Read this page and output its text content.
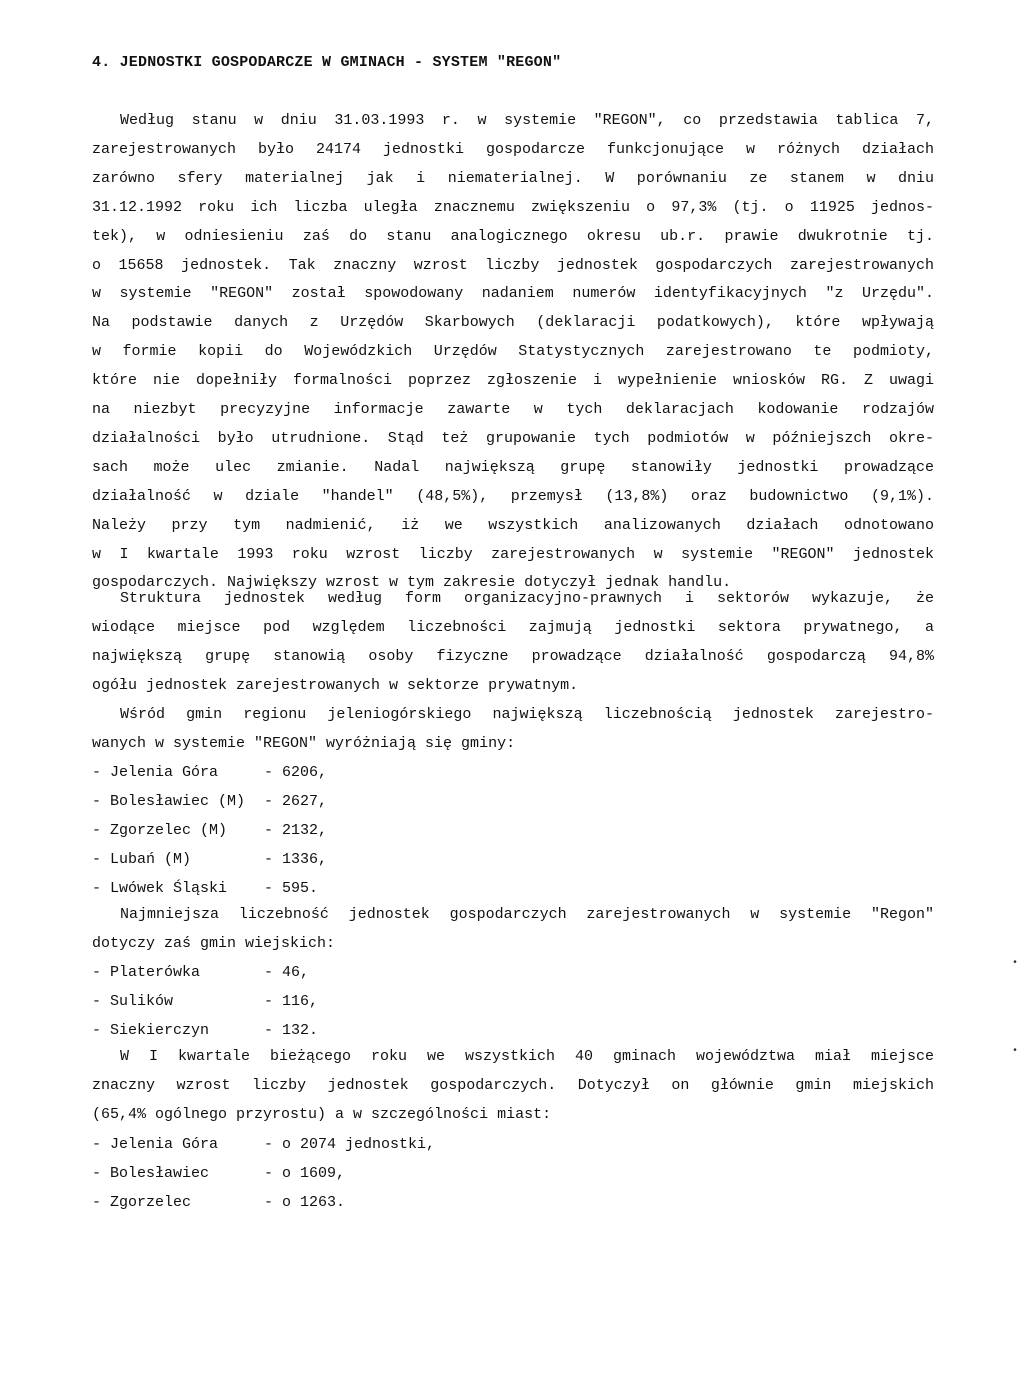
4. JEDNOSTKI GOSPODARCZE W GMINACH - SYSTEM "REGON"
Według stanu w dniu 31.03.1993 r. w systemie "REGON", co przedstawia tablica 7,
zarejestrowanych było 24174 jednostki gospodarcze funkcjonujące w różnych działach
zarówno sfery materialnej jak i niematerialnej. W porównaniu ze stanem w dniu
31.12.1992 roku ich liczba uległa znacznemu zwiększeniu o 97,3% (tj. o 11925 jednos-
tek), w odniesieniu zaś do stanu analogicznego okresu ub.r. prawie dwukrotnie tj.
o 15658 jednostek. Tak znaczny wzrost liczby jednostek gospodarczych zarejestrowanych
w systemie "REGON" został spowodowany nadaniem numerów identyfikacyjnych "z Urzędu".
Na podstawie danych z Urzędów Skarbowych (deklaracji podatkowych), które wpływają
w formie kopii do Wojewódzkich Urzędów Statystycznych zarejestrowano te podmioty,
które nie dopełniły formalności poprzez zgłoszenie i wypełnienie wniosków RG. Z uwagi
na niezbyt precyzyjne informacje zawarte w tych deklaracjach kodowanie rodzajów
działalności było utrudnione. Stąd też grupowanie tych podmiotów w późniejszch okre-
sach może ulec zmianie. Nadal największą grupę stanowiły jednostki prowadzące
działalność w dziale "handel" (48,5%), przemysł (13,8%) oraz budownictwo (9,1%).
Należy przy tym nadmienić, iż we wszystkich analizowanych działach odnotowano
w I kwartale 1993 roku wzrost liczby zarejestrowanych w systemie "REGON" jednostek
gospodarczych. Największy wzrost w tym zakresie dotyczył jednak handlu.
Struktura jednostek według form organizacyjno-prawnych i sektorów wykazuje, że
wiodące miejsce pod względem liczebności zajmują jednostki sektora prywatnego, a
największą grupę stanowią osoby fizyczne prowadzące działalność gospodarczą 94,8%
ogółu jednostek zarejestrowanych w sektorze prywatnym.
Wśród gmin regionu jeleniogórskiego największą liczebnością jednostek zarejestro-
wanych w systemie "REGON" wyróżniają się gminy:
- Jelenia Góra	- 6206,
- Bolesławiec (M) - 2627,
- Zgorzelec (M) - 2132,
- Lubań (M)	- 1336,
- Lwówek Śląski - 595.
Najmniejsza liczebność jednostek gospodarczych zarejestrowanych w systemie "Regon"
dotyczy zaś gmin wiejskich:
- Platerówka	- 46,
- Sulików	- 116,
- Siekierczyn	- 132.
W I kwartale bieżącego roku we wszystkich 40 gminach województwa miał miejsce
znaczny wzrost liczby jednostek gospodarczych. Dotyczył on głównie gmin miejskich
(65,4% ogólnego przyrostu) a w szczególności miast:
- Jelenia Góra	- o 2074 jednostki,
- Bolesławiec	- o 1609,
- Zgorzelec	- o 1263.
•
•
